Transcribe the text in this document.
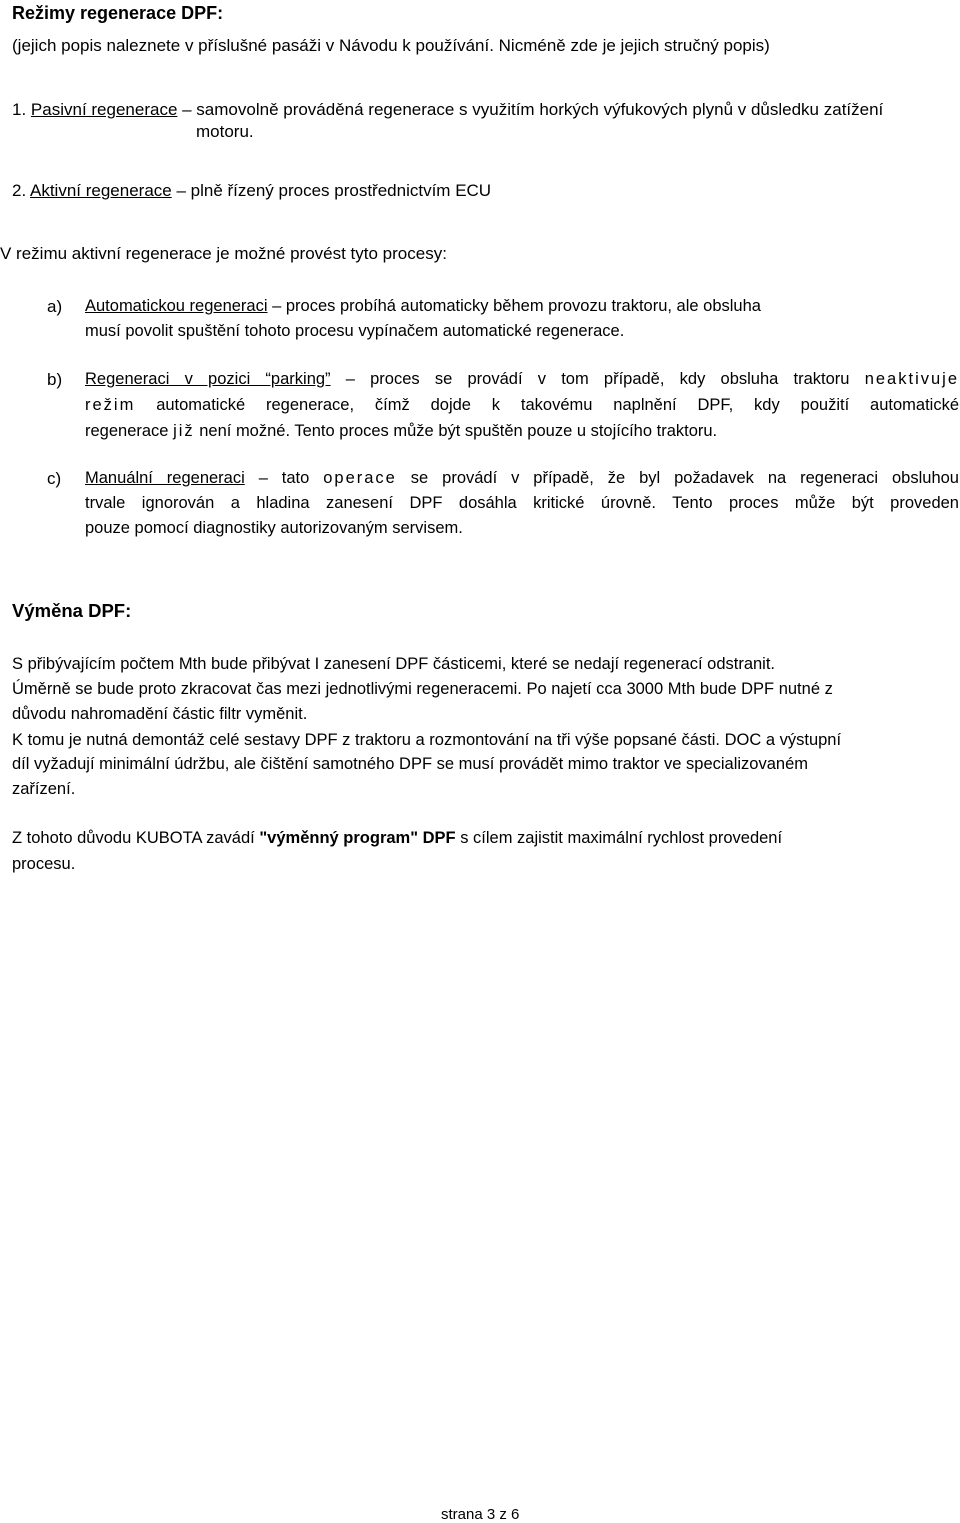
Režimy regenerace DPF:
(jejich popis naleznete v příslušné pasáži v Návodu k používání. Nicméně zde je jejich stručný popis)
1. Pasivní regenerace – samovolně prováděná regenerace s využitím horkých výfukových plynů v důsledku zatížení
motoru.
2. Aktivní regenerace – plně řízený proces prostřednictvím ECU
V režimu aktivní regenerace je možné provést tyto procesy:
a) Automatickou regeneraci – proces probíhá automaticky během provozu traktoru, ale obsluha
musí povolit spuštění tohoto procesu vypínačem automatické regenerace.
b) Regeneraci v pozici “parking” – proces se provádí v tom případě, kdy obsluha traktoru neaktivuje
režim automatické regenerace, čímž dojde k takovému naplnění DPF, kdy použití automatické
regenerace již není možné. Tento proces může být spuštěn pouze u stojícího traktoru.
c) Manuální regeneraci – tato operace se provádí v případě, že byl požadavek na regeneraci obsluhou
trvale ignorován a hladina zanesení DPF dosáhla kritické úrovně. Tento proces může být proveden
pouze pomocí diagnostiky autorizovaným servisem.
Výměna DPF:
S přibývajícím počtem Mth bude přibývat I zanesení DPF částicemi, které se nedají regenerací odstranit.
Úměrně se bude proto zkracovat čas mezi jednotlivými regeneracemi. Po najetí cca 3000 Mth bude DPF nutné z
důvodu nahromadění částic filtr vyměnit.
K tomu je nutná demontáž celé sestavy DPF z traktoru a rozmontování na tři výše popsané části. DOC a výstupní
díl vyžadují minimální údržbu, ale čištění samotného DPF se musí provádět mimo traktor ve specializovaném
zařízení.
Z tohoto důvodu KUBOTA zavádí "výměnný program" DPF s cílem zajistit maximální rychlost provedení
procesu.
strana 3 z 6
